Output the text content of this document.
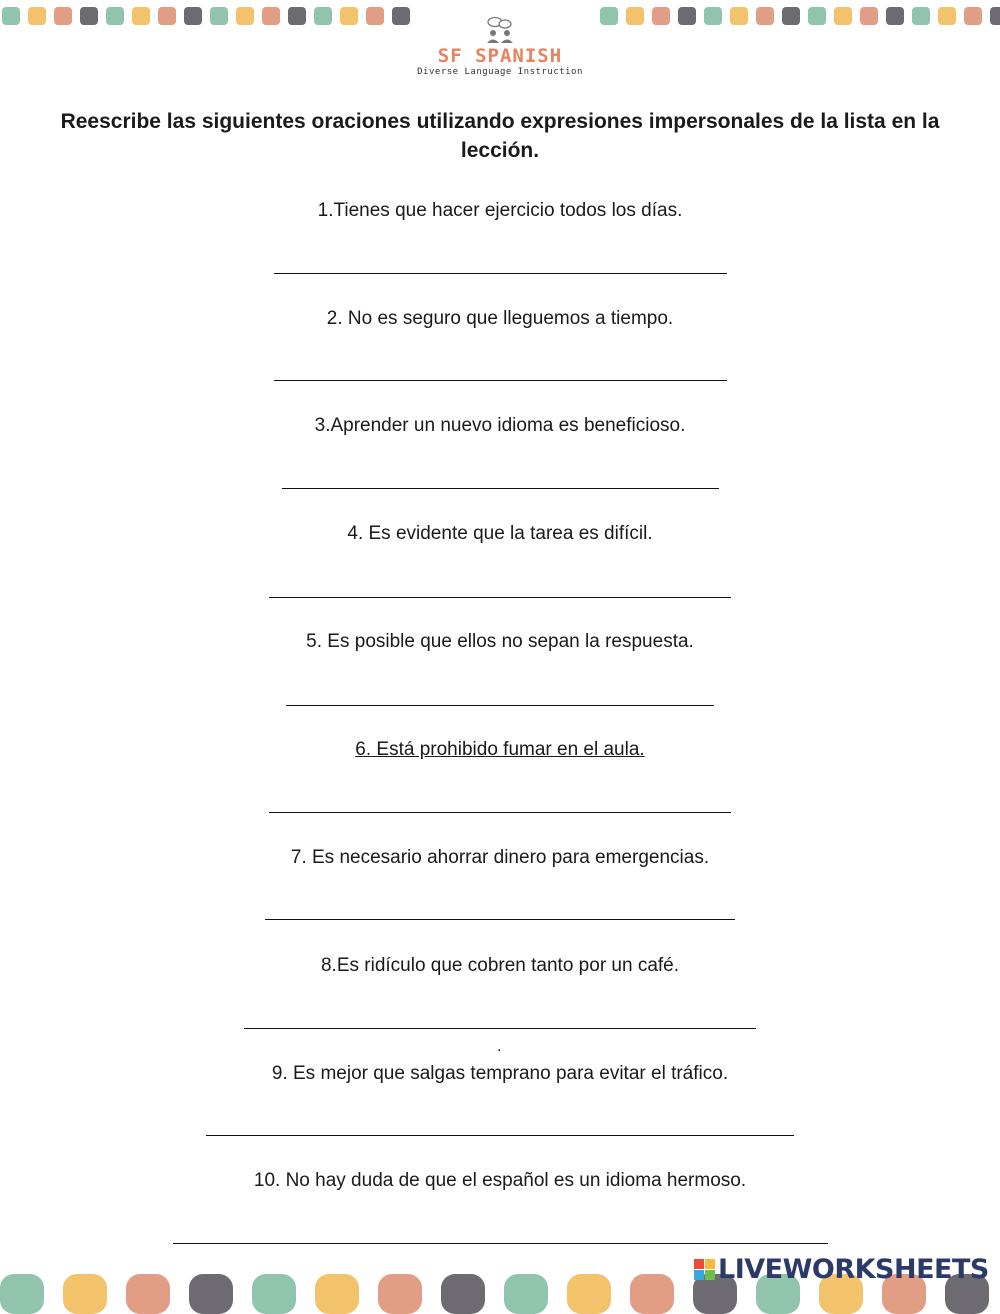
SF SPANISH
Diverse Language Instruction
Reescribe las siguientes oraciones utilizando expresiones impersonales de la lista en la lección.
1.Tienes que hacer ejercicio todos los días.
2. No es seguro que lleguemos a tiempo.
3.Aprender un nuevo idioma es beneficioso.
4. Es evidente que la tarea es difícil.
5. Es posible que ellos no sepan la respuesta.
6. Está prohibido fumar en el aula.
7. Es necesario ahorrar dinero para emergencias.
8.Es ridículo que cobren tanto por un café.
.
9. Es mejor que salgas temprano para evitar el tráfico.
10. No hay duda de que el español es un idioma hermoso.
LIVEWORKSHEETS
